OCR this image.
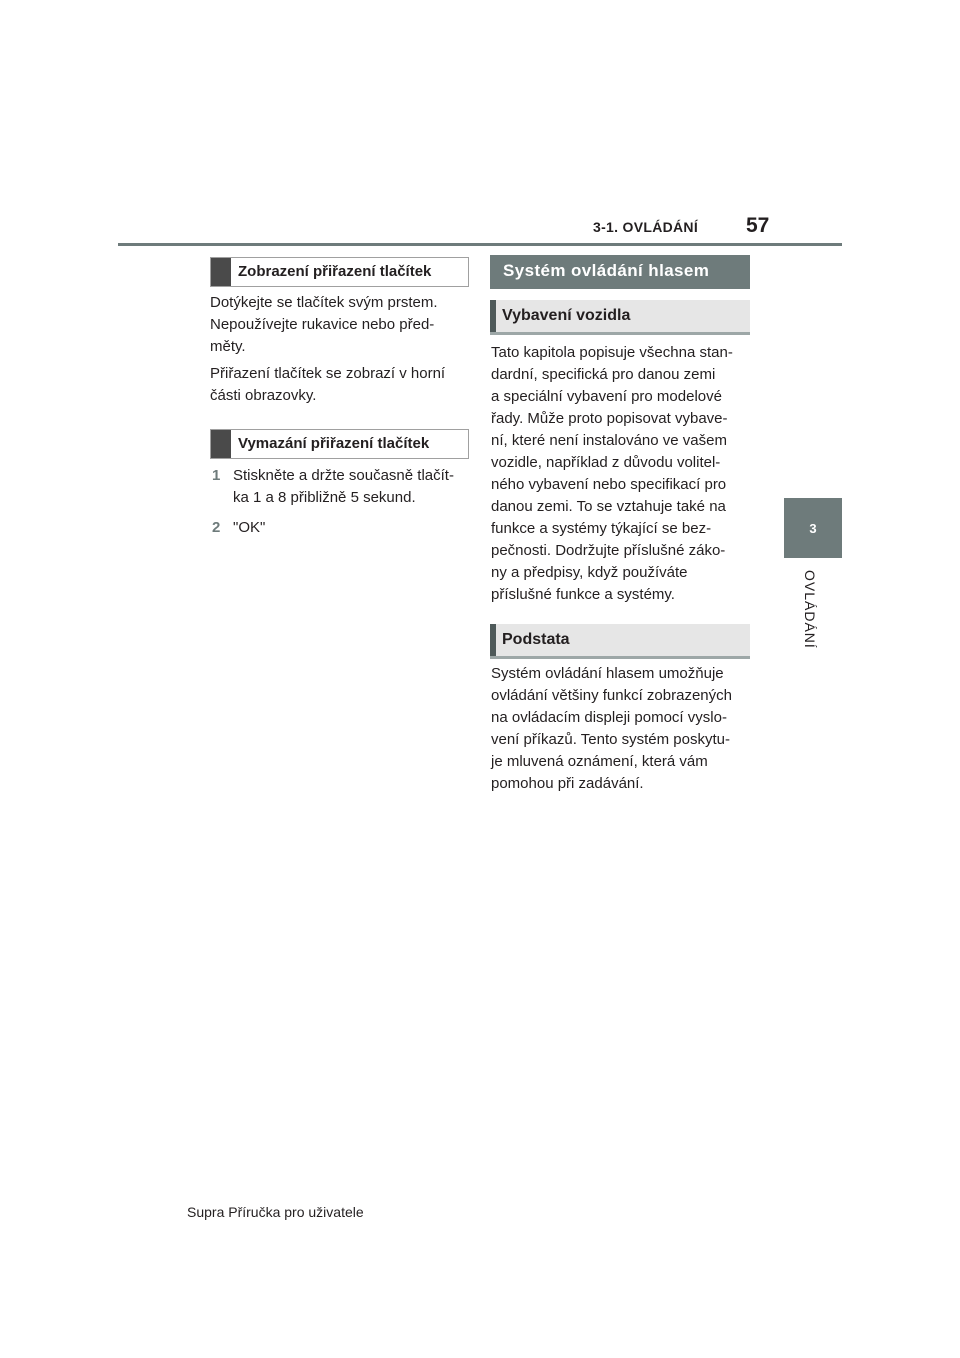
3-1. OVLÁDÁNÍ 57
3
OVLÁDÁNÍ
Zobrazení přiřazení tlačítek
Dotýkejte se tlačítek svým prstem.
Nepoužívejte rukavice nebo před-
měty.
Přiřazení tlačítek se zobrazí v horní
části obrazovky.
Vymazání přiřazení tlačítek
1 Stiskněte a držte současně tlačít-
ka 1 a 8 přibližně 5 sekund.
2 "OK"
Systém ovládání hlasem
Vybavení vozidla
Tato kapitola popisuje všechna stan-
dardní, specifická pro danou zemi
a speciální vybavení pro modelové
řady. Může proto popisovat vybave-
ní, které není instalováno ve vašem
vozidle, například z důvodu volitel-
ného vybavení nebo specifikací pro
danou zemi. To se vztahuje také na
funkce a systémy týkající se bez-
pečnosti. Dodržujte příslušné záko-
ny a předpisy, když používáte
příslušné funkce a systémy.
Podstata
Systém ovládání hlasem umožňuje
ovládání většiny funkcí zobrazených
na ovládacím displeji pomocí vyslo-
vení příkazů. Tento systém poskytu-
je mluvená oznámení, která vám
pomohou při zadávání.
Supra Příručka pro uživatele
